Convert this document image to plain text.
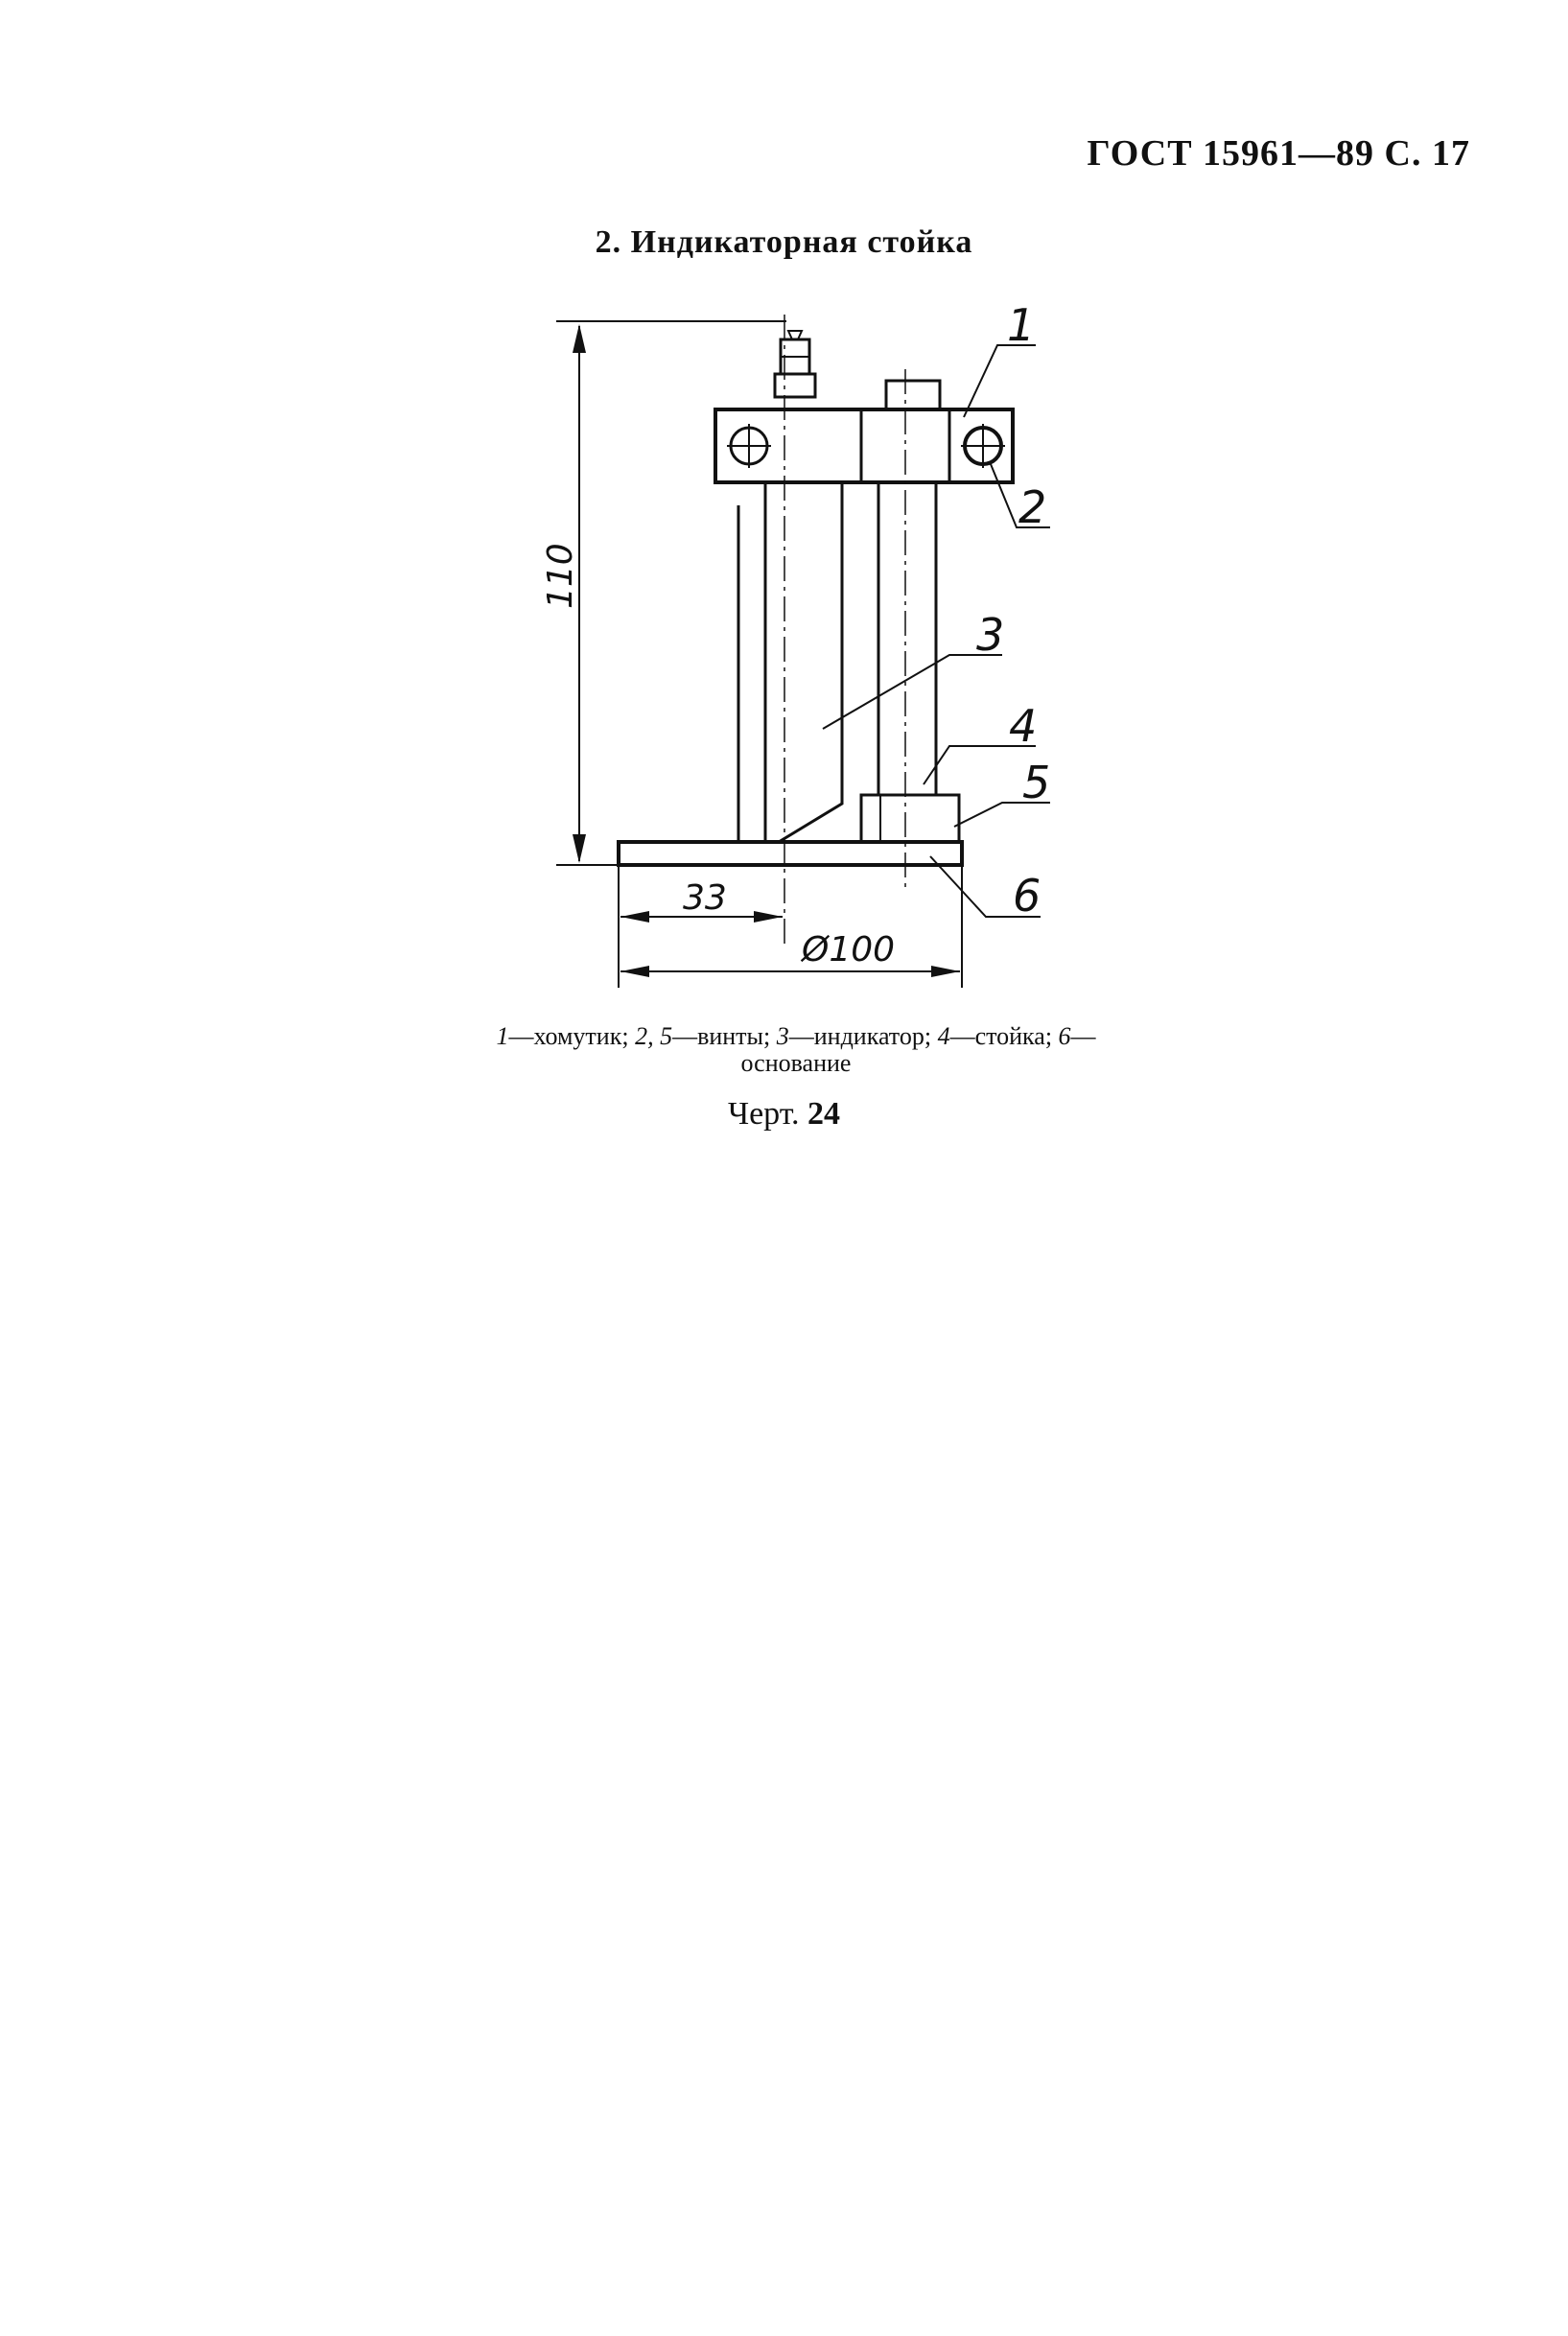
ГОСТ 15961—89 С. 17
2. Индикаторная стойка
1
2
3
4
5
6
110
33
Ø100
1—хомутик; 2, 5—винты; 3—индикатор; 4—стойка; 6—
основание
Черт. 24
